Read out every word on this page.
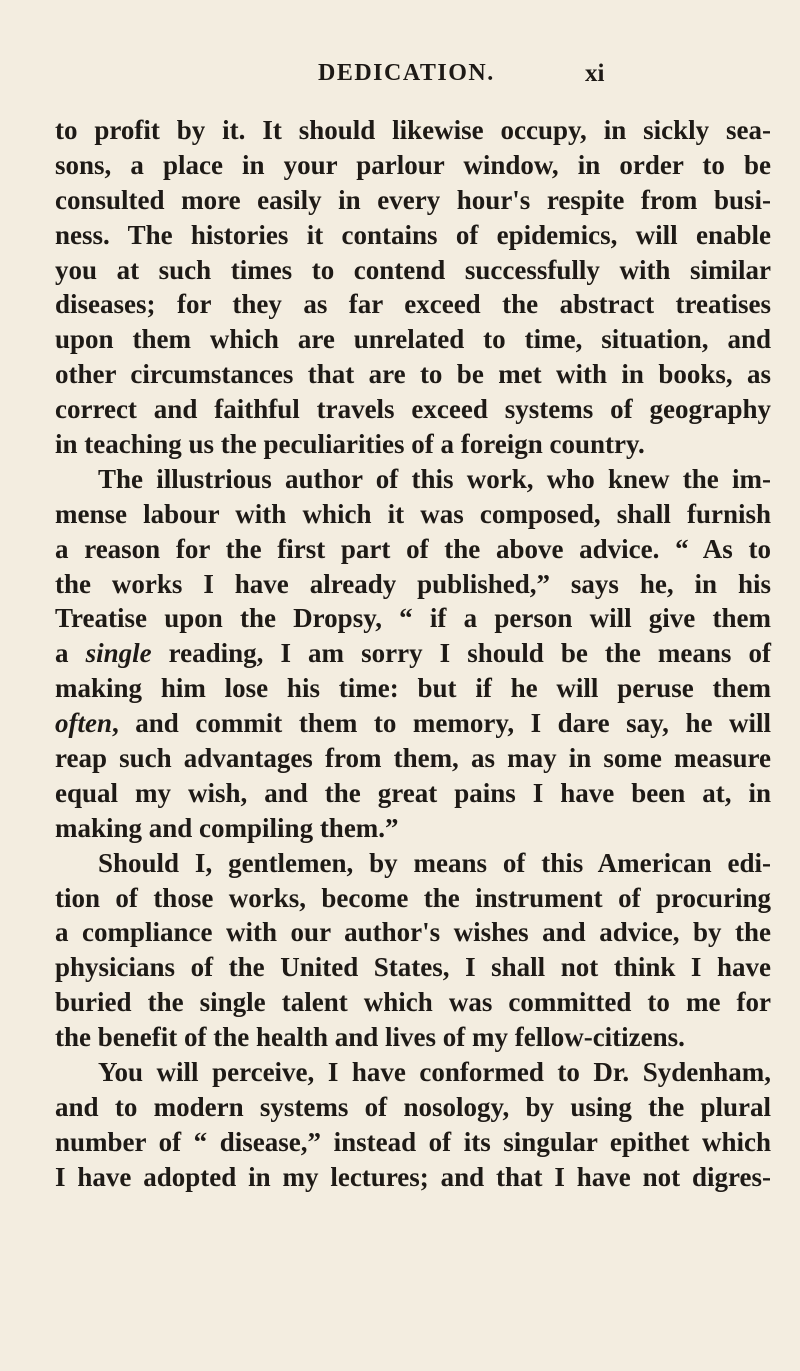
DEDICATION.	xi
to profit by it. It should likewise occupy, in sickly sea-
sons, a place in your parlour window, in order to be
consulted more easily in every hour's respite from busi-
ness. The histories it contains of epidemics, will enable
you at such times to contend successfully with similar
diseases; for they as far exceed the abstract treatises
upon them which are unrelated to time, situation, and
other circumstances that are to be met with in books, as
correct and faithful travels exceed systems of geography
in teaching us the peculiarities of a foreign country.
The illustrious author of this work, who knew the im-
mense labour with which it was composed, shall furnish
a reason for the first part of the above advice. “ As to
the works I have already published,” says he, in his
Treatise upon the Dropsy, “ if a person will give them
a single reading, I am sorry I should be the means of
making him lose his time: but if he will peruse them
often, and commit them to memory, I dare say, he will
reap such advantages from them, as may in some measure
equal my wish, and the great pains I have been at, in
making and compiling them.”
Should I, gentlemen, by means of this American edi-
tion of those works, become the instrument of procuring
a compliance with our author's wishes and advice, by the
physicians of the United States, I shall not think I have
buried the single talent which was committed to me for
the benefit of the health and lives of my fellow-citizens.
You will perceive, I have conformed to Dr. Sydenham,
and to modern systems of nosology, by using the plural
number of “ disease,” instead of its singular epithet which
I have adopted in my lectures; and that I have not digres-
